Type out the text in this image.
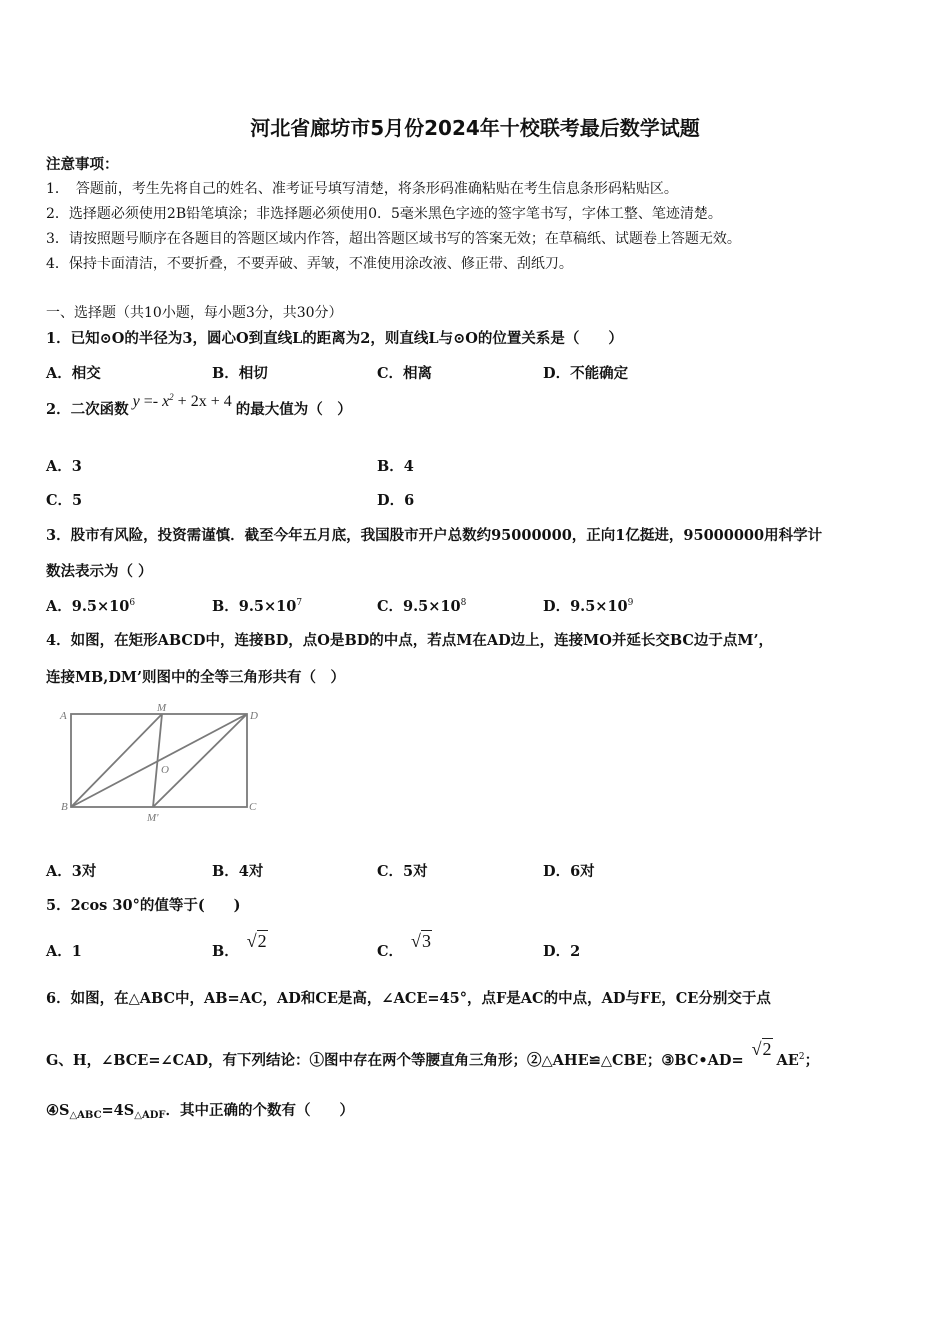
河北省廊坊市5月份2024年十校联考最后数学试题
注意事项：
1．　答题前，考生先将自己的姓名、准考证号填写清楚，将条形码准确粘贴在考生信息条形码粘贴区。
2．选择题必须使用2B铅笔填涂；非选择题必须使用0．5毫米黑色字迹的签字笔书写，字体工整、笔迹清楚。
3．请按照题号顺序在各题目的答题区域内作答，超出答题区域书写的答案无效；在草稿纸、试题卷上答题无效。
4．保持卡面清洁，不要折叠，不要弄破、弄皱，不准使用涂改液、修正带、刮纸刀。
一、选择题（共10小题，每小题3分，共30分）
1．已知⊙O的半径为3，圆心O到直线L的距离为2，则直线L与⊙O的位置关系是（　　）
A．相交	B．相切	C．相离	D．不能确定
2．二次函数 $y =- x^2 + 2x + 4$ 的最大值为（　）
A．3	B．4
C．5	D．6
3．股市有风险，投资需谨慎．截至今年五月底，我国股市开户总数约95000000，正向1亿挺进，95000000用科学计
数法表示为（ ）
A．$9.5\times 10^6$	B．$9.5\times 10^7$	C．$9.5\times 10^8$	D．$9.5\times 10^9$
4．如图，在矩形ABCD中，连接BD，点O是BD的中点，若点M在AD边上，连接MO并延长交BC边于点M’，
连接MB,DM’则图中的全等三角形共有（　）
A
M
D
O
B
M'
C
A．3对	B．4对	C．5对	D．6对
5．2cos 30°的值等于(　　)
A．1	B．√2
C．√3
D．2
6．如图，在△ABC中，AB=AC，AD和CE是高，∠ACE=45°，点F是AC的中点，AD与FE，CE分别交于点
G、H，∠BCE=∠CAD，有下列结论：①图中存在两个等腰直角三角形；②△AHE≌△CBE；$③BC•AD=√2AE^2$；
$④S_{\triangle ABC}=4S_{\triangle ADF}$．其中正确的个数有（　　）
